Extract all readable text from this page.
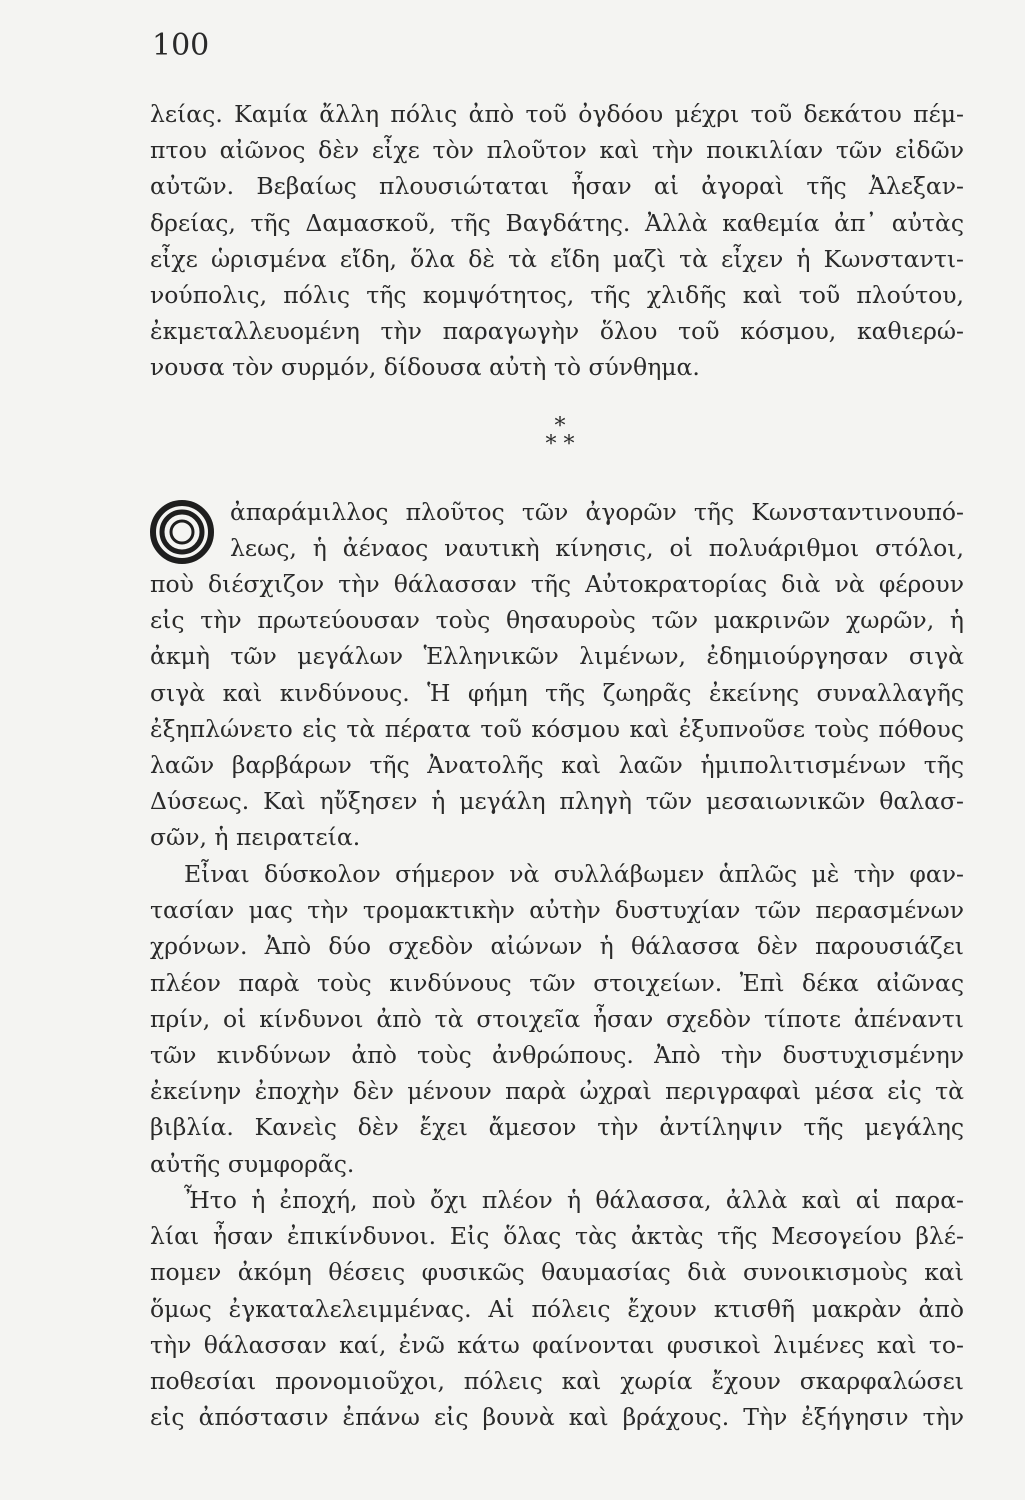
100
λείας. Καμία ἄλλη πόλις ἀπὸ τοῦ ὀγδόου μέχρι τοῦ δεκάτου πέμ-
πτου αἰῶνος δὲν εἶχε τὸν πλοῦτον καὶ τὴν ποικιλίαν τῶν εἰδῶν
αὐτῶν. Βεβαίως πλουσιώταται ἦσαν αἱ ἀγοραὶ τῆς Ἀλεξαν-
δρείας, τῆς Δαμασκοῦ, τῆς Βαγδάτης. Ἀλλὰ καθεμία ἀπ᾽ αὐτὰς
εἶχε ὡρισμένα εἴδη, ὅλα δὲ τὰ εἴδη μαζὶ τὰ εἶχεν ἡ Κωνσταντι-
νούπολις, πόλις τῆς κομψότητος, τῆς χλιδῆς καὶ τοῦ πλούτου,
ἐκμεταλλευομένη τὴν παραγωγὴν ὅλου τοῦ κόσμου, καθιερώ-
νουσα τὸν συρμόν, δίδουσα αὐτὴ τὸ σύνθημα.
*
* *
Ο
ἀπαράμιλλος πλοῦτος τῶν ἀγορῶν τῆς Κωνσταντινουπό-
λεως, ἡ ἀέναος ναυτικὴ κίνησις, οἱ πολυάριθμοι στόλοι,
ποὺ διέσχιζον τὴν θάλασσαν τῆς Αὐτοκρατορίας διὰ νὰ φέρουν
εἰς τὴν πρωτεύουσαν τοὺς θησαυροὺς τῶν μακρινῶν χωρῶν, ἡ
ἀκμὴ τῶν μεγάλων Ἑλληνικῶν λιμένων, ἐδημιούργησαν σιγὰ
σιγὰ καὶ κινδύνους. Ἡ φήμη τῆς ζωηρᾶς ἐκείνης συναλλαγῆς
ἐξηπλώνετο εἰς τὰ πέρατα τοῦ κόσμου καὶ ἐξυπνοῦσε τοὺς πόθους
λαῶν βαρβάρων τῆς Ἀνατολῆς καὶ λαῶν ἡμιπολιτισμένων τῆς
Δύσεως. Καὶ ηὔξησεν ἡ μεγάλη πληγὴ τῶν μεσαιωνικῶν θαλασ-
σῶν, ἡ πειρατεία.
Εἶναι δύσκολον σήμερον νὰ συλλάβωμεν ἁπλῶς μὲ τὴν φαν-
τασίαν μας τὴν τρομακτικὴν αὐτὴν δυστυχίαν τῶν περασμένων
χρόνων. Ἀπὸ δύο σχεδὸν αἰώνων ἡ θάλασσα δὲν παρουσιάζει
πλέον παρὰ τοὺς κινδύνους τῶν στοιχείων. Ἐπὶ δέκα αἰῶνας
πρίν, οἱ κίνδυνοι ἀπὸ τὰ στοιχεῖα ἦσαν σχεδὸν τίποτε ἀπέναντι
τῶν κινδύνων ἀπὸ τοὺς ἀνθρώπους. Ἀπὸ τὴν δυστυχισμένην
ἐκείνην ἐποχὴν δὲν μένουν παρὰ ὠχραὶ περιγραφαὶ μέσα εἰς τὰ
βιβλία. Κανεὶς δὲν ἔχει ἄμεσον τὴν ἀντίληψιν τῆς μεγάλης
αὐτῆς συμφορᾶς.
Ἦτο ἡ ἐποχή, ποὺ ὄχι πλέον ἡ θάλασσα, ἀλλὰ καὶ αἱ παρα-
λίαι ἦσαν ἐπικίνδυνοι. Εἰς ὅλας τὰς ἀκτὰς τῆς Μεσογείου βλέ-
πομεν ἀκόμη θέσεις φυσικῶς θαυμασίας διὰ συνοικισμοὺς καὶ
ὅμως ἐγκαταλελειμμένας. Αἱ πόλεις ἔχουν κτισθῆ μακρὰν ἀπὸ
τὴν θάλασσαν καί, ἐνῶ κάτω φαίνονται φυσικοὶ λιμένες καὶ το-
ποθεσίαι προνομιοῦχοι, πόλεις καὶ χωρία ἔχουν σκαρφαλώσει
εἰς ἀπόστασιν ἐπάνω εἰς βουνὰ καὶ βράχους. Τὴν ἐξήγησιν τὴν
